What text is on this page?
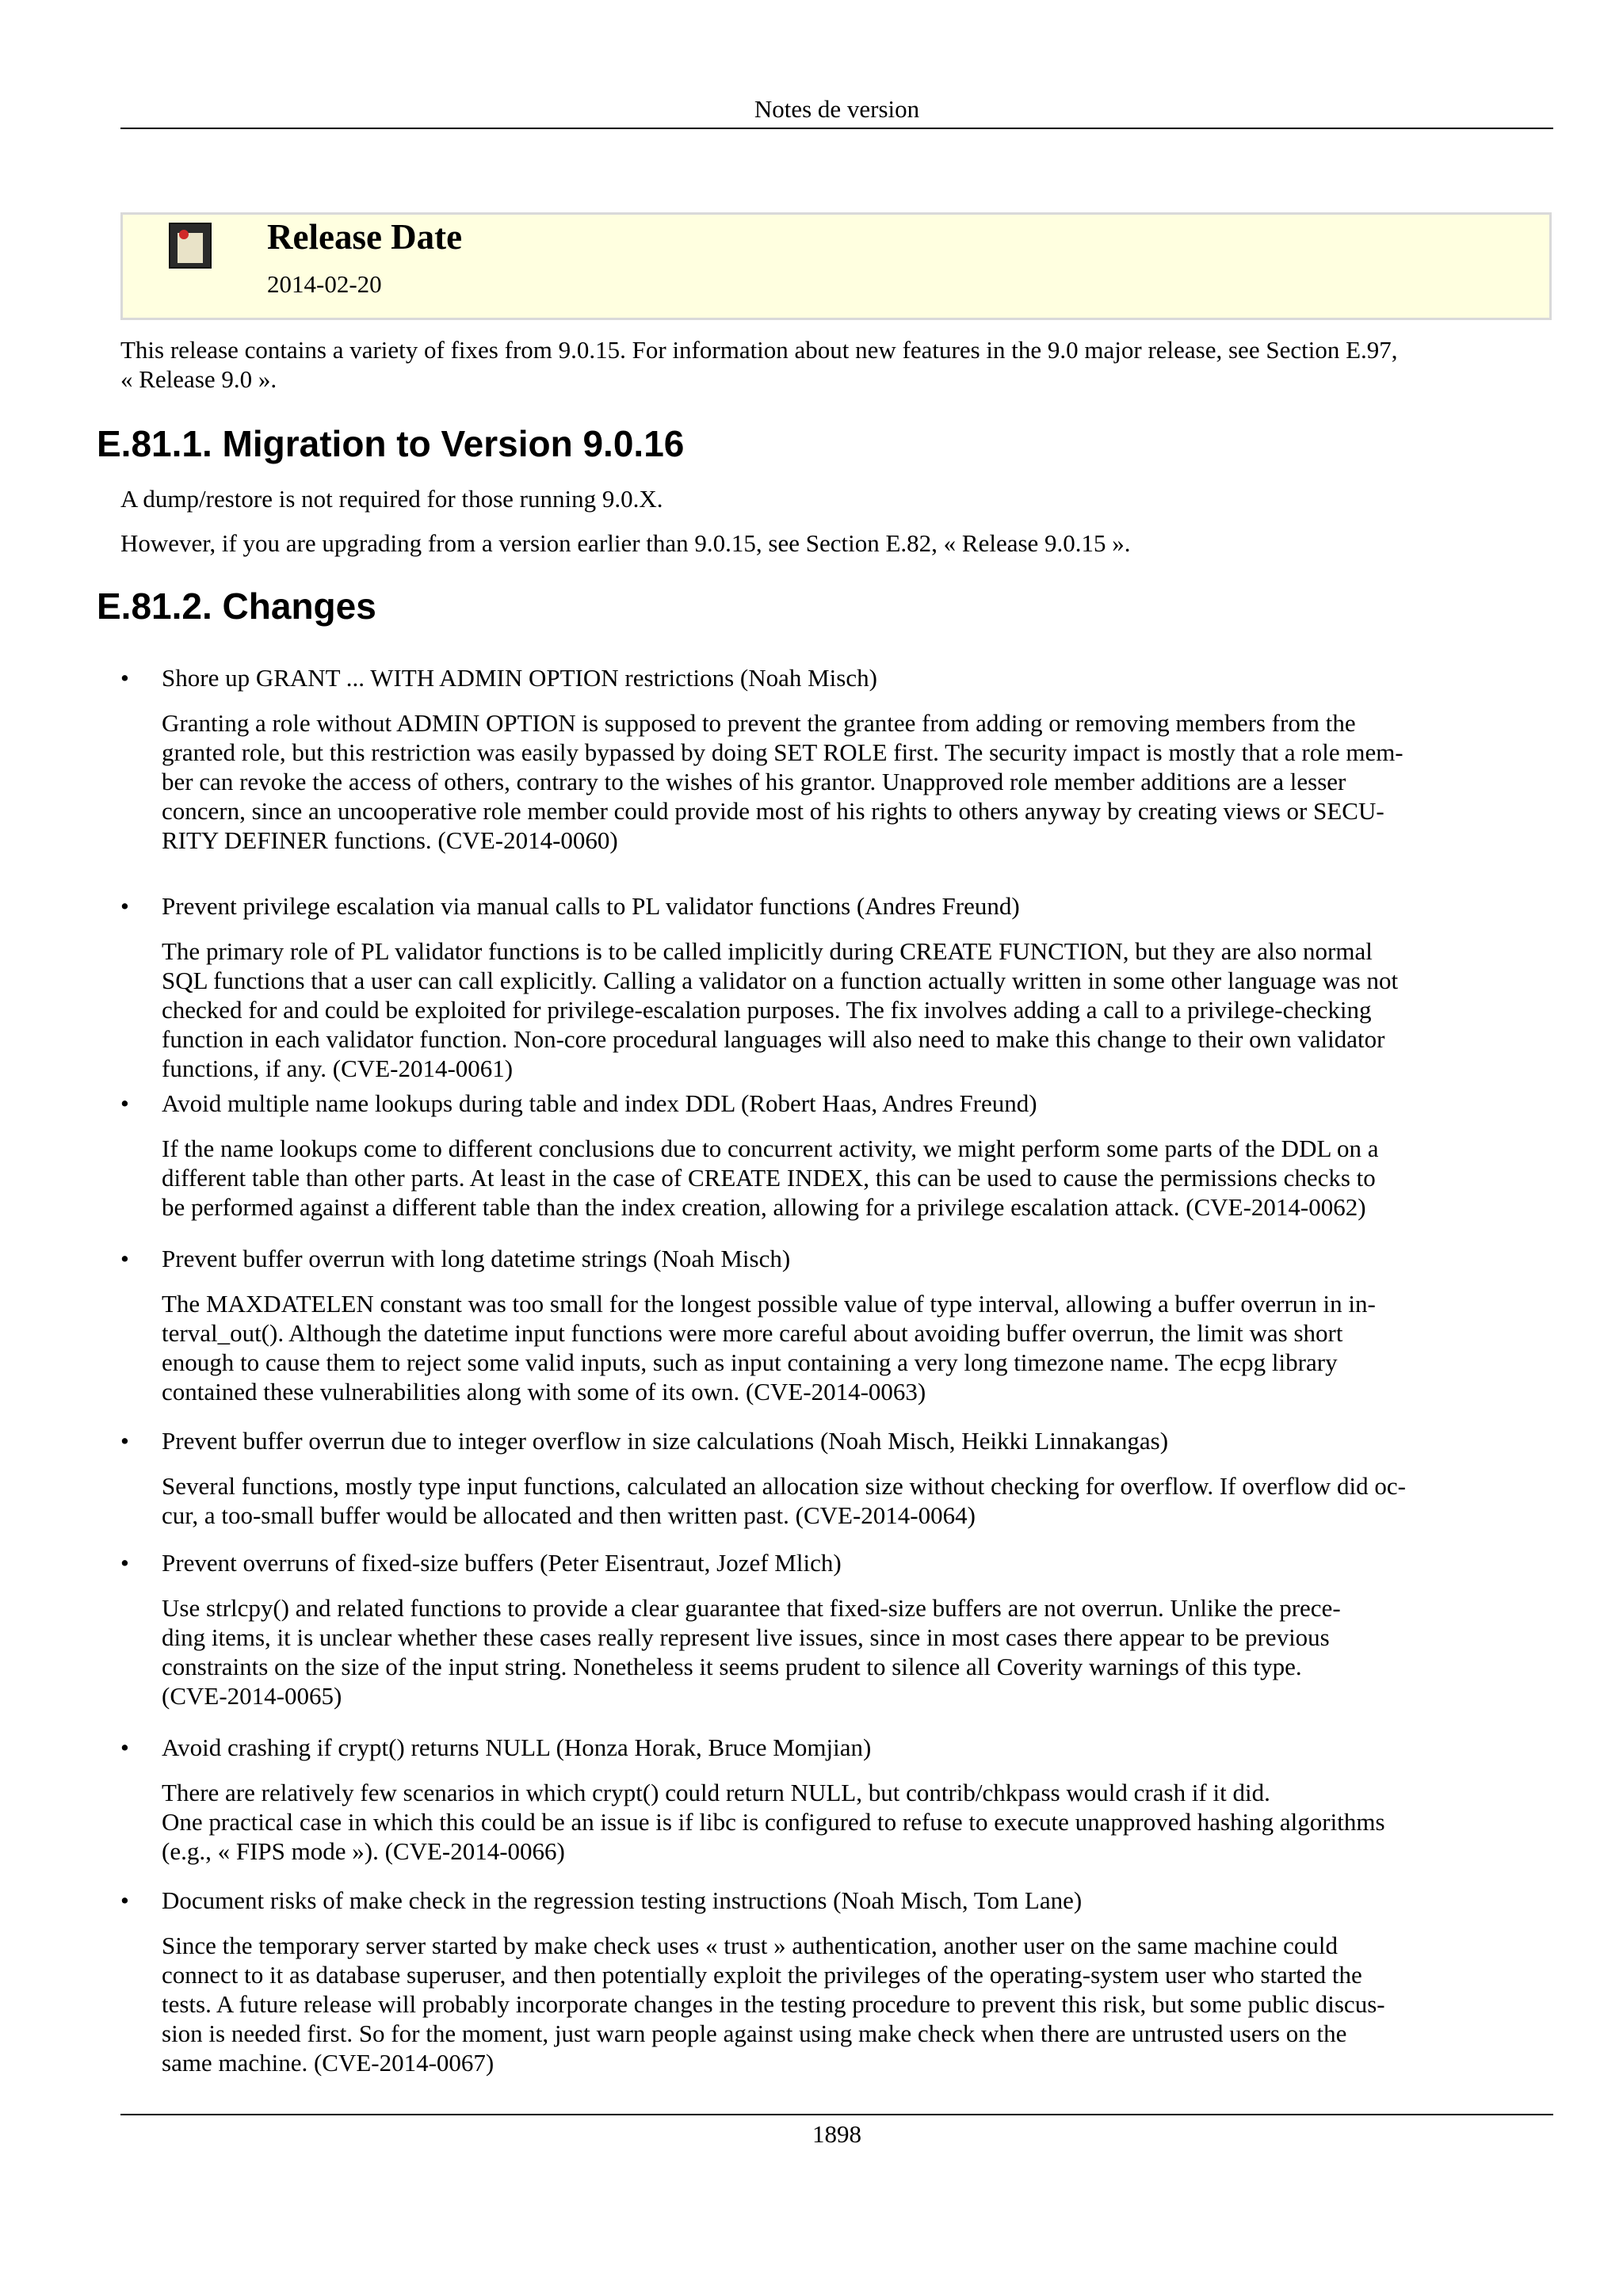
Notes de version
Release Date
2014-02-20
This release contains a variety of fixes from 9.0.15. For information about new features in the 9.0 major release, see Section E.97,
« Release 9.0 ».
E.81.1. Migration to Version 9.0.16
A dump/restore is not required for those running 9.0.X.
However, if you are upgrading from a version earlier than 9.0.15, see Section E.82, « Release 9.0.15 ».
E.81.2. Changes
• Shore up GRANT ... WITH ADMIN OPTION restrictions (Noah Misch)
Granting a role without ADMIN OPTION is supposed to prevent the grantee from adding or removing members from the
granted role, but this restriction was easily bypassed by doing SET ROLE first. The security impact is mostly that a role mem-
ber can revoke the access of others, contrary to the wishes of his grantor. Unapproved role member additions are a lesser
concern, since an uncooperative role member could provide most of his rights to others anyway by creating views or SECU-
RITY DEFINER functions. (CVE-2014-0060)
• Prevent privilege escalation via manual calls to PL validator functions (Andres Freund)
The primary role of PL validator functions is to be called implicitly during CREATE FUNCTION, but they are also normal
SQL functions that a user can call explicitly. Calling a validator on a function actually written in some other language was not
checked for and could be exploited for privilege-escalation purposes. The fix involves adding a call to a privilege-checking
function in each validator function. Non-core procedural languages will also need to make this change to their own validator
functions, if any. (CVE-2014-0061)
• Avoid multiple name lookups during table and index DDL (Robert Haas, Andres Freund)
If the name lookups come to different conclusions due to concurrent activity, we might perform some parts of the DDL on a
different table than other parts. At least in the case of CREATE INDEX, this can be used to cause the permissions checks to
be performed against a different table than the index creation, allowing for a privilege escalation attack. (CVE-2014-0062)
• Prevent buffer overrun with long datetime strings (Noah Misch)
The MAXDATELEN constant was too small for the longest possible value of type interval, allowing a buffer overrun in in-
terval_out(). Although the datetime input functions were more careful about avoiding buffer overrun, the limit was short
enough to cause them to reject some valid inputs, such as input containing a very long timezone name. The ecpg library
contained these vulnerabilities along with some of its own. (CVE-2014-0063)
• Prevent buffer overrun due to integer overflow in size calculations (Noah Misch, Heikki Linnakangas)
Several functions, mostly type input functions, calculated an allocation size without checking for overflow. If overflow did oc-
cur, a too-small buffer would be allocated and then written past. (CVE-2014-0064)
• Prevent overruns of fixed-size buffers (Peter Eisentraut, Jozef Mlich)
Use strlcpy() and related functions to provide a clear guarantee that fixed-size buffers are not overrun. Unlike the prece-
ding items, it is unclear whether these cases really represent live issues, since in most cases there appear to be previous
constraints on the size of the input string. Nonetheless it seems prudent to silence all Coverity warnings of this type.
(CVE-2014-0065)
• Avoid crashing if crypt() returns NULL (Honza Horak, Bruce Momjian)
There are relatively few scenarios in which crypt() could return NULL, but contrib/chkpass would crash if it did.
One practical case in which this could be an issue is if libc is configured to refuse to execute unapproved hashing algorithms
(e.g., « FIPS mode »). (CVE-2014-0066)
• Document risks of make check in the regression testing instructions (Noah Misch, Tom Lane)
Since the temporary server started by make check uses « trust » authentication, another user on the same machine could
connect to it as database superuser, and then potentially exploit the privileges of the operating-system user who started the
tests. A future release will probably incorporate changes in the testing procedure to prevent this risk, but some public discus-
sion is needed first. So for the moment, just warn people against using make check when there are untrusted users on the
same machine. (CVE-2014-0067)
1898
